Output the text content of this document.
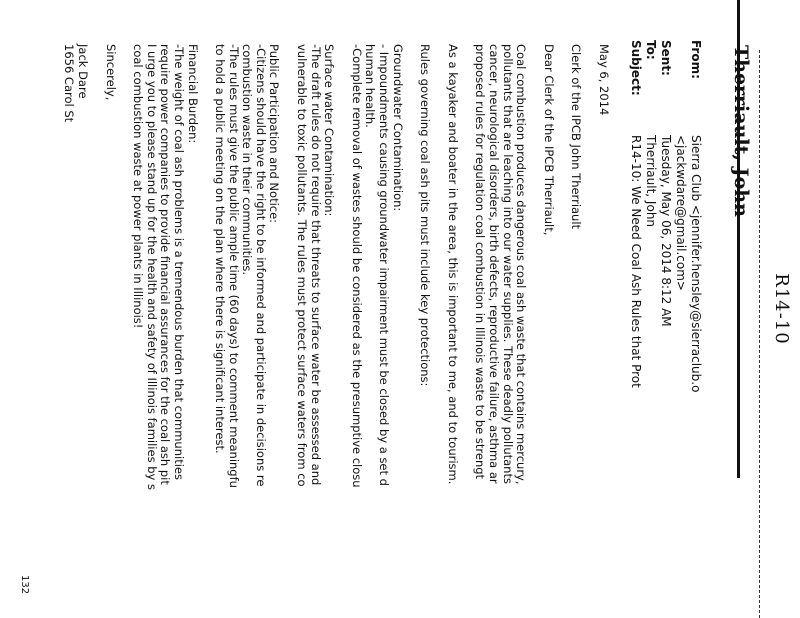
R14-10
Therriault, John
From:
Sierra Club <jennifer.hensley@sierraclub.o
<jackwdare@gmail.com>
Sent:
Tuesday, May 06, 2014 8:12 AM
To:
Therriault, John
Subject:
R14-10: We Need Coal Ash Rules that Prot

May 6, 2014

Clerk of the IPCB John Therriault

Dear Clerk of the IPCB Therriault,

Coal combustion produces dangerous coal ash waste that contains mercury,

pollutants that are leaching into our water supplies. These deadly pollutants

cancer, neurological disorders, birth defects, reproductive failure, asthma ar

proposed rules for regulation coal combustion in Illinois waste to be strengt

As a kayaker and boater in the area, this is important to me, and to tourism.

Rules governing coal ash pits must include key protections:

Groundwater Contamination:

- Impoundments causing groundwater impairment must be closed by a set d

human health.

-Complete removal of wastes should be considered as the presumptive closu

Surface water Contamination:

-The draft rules do not require that threats to surface water be assessed and

vulnerable to toxic pollutants. The rules must protect surface waters from co

Public Participation and Notice:

-Citizens should have the right to be informed and participate in decisions re

combustion waste in their communities.

-The rules must give the public ample time (60 days) to comment meaningfu

to hold a public meeting on the plan where there is significant interest.

Financial Burden:

-The weight of coal ash problems is a tremendous burden that communities

require power companies to provide financial assurances for the coal ash pit

I urge you to please stand up for the health and safety of Illinois families by s

coal combustion waste at power plants in Illinois!

Sincerely,

Jack Dare

1656 Carol St

132
